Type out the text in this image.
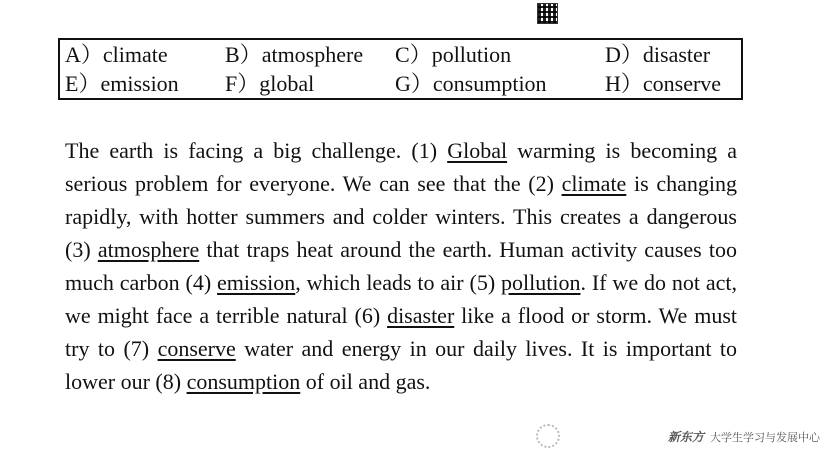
A）climate	B）atmosphere C）pollution	D）disaster
E）emission F）global	G）consumption	H）conserve
The earth is facing a big challenge. (1) Global warming is becoming a serious problem for everyone. We can see that the (2) climate is changing rapidly, with hotter summers and colder winters. This creates a dangerous (3) atmosphere that traps heat around the earth. Human activity causes too much carbon (4) emission, which leads to air (5) pollution. If we do not act, we might face a terrible natural (6) disaster like a flood or storm. We must try to (7) conserve water and energy in our daily lives. It is important to lower our (8) consumption of oil and gas.
新东方 大学生学习与发展中心
